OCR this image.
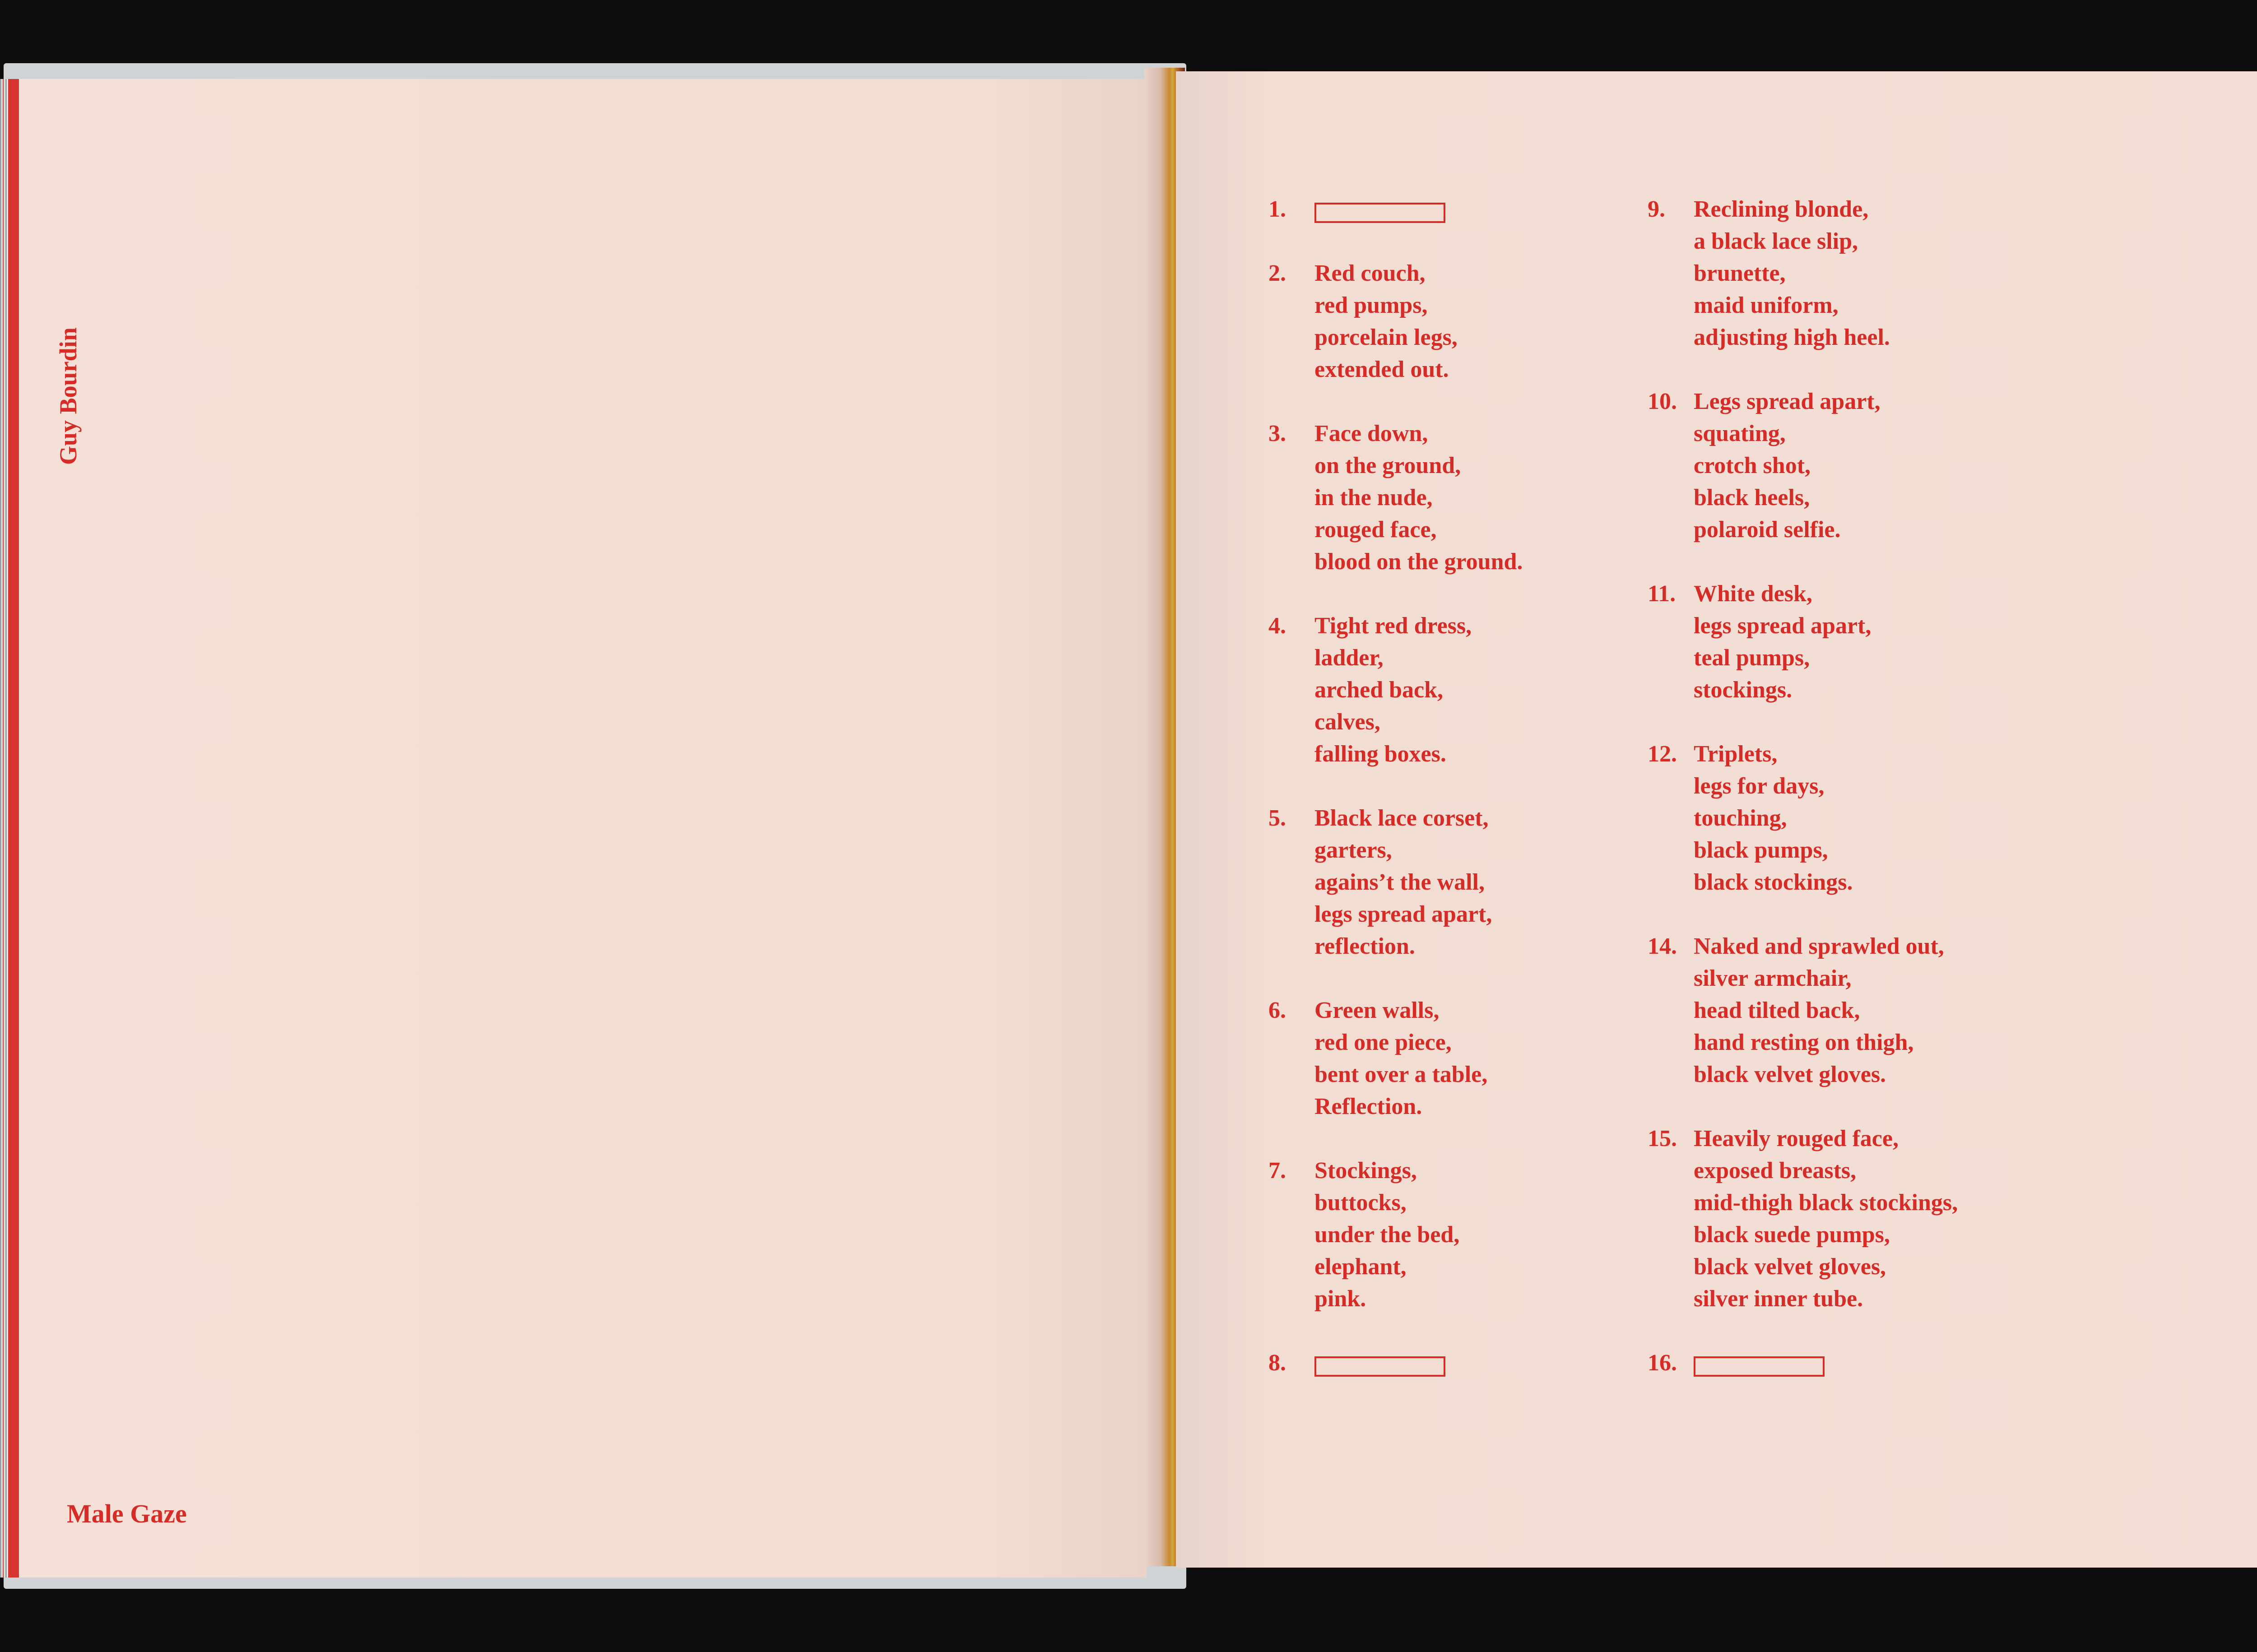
Guy Bourdin

Male Gaze

1.
2.	Red couch,
red pumps,
porcelain legs,
extended out.
3.	Face down,
on the ground,
in the nude,
rouged face,
blood on the ground.
4.	Tight red dress,
ladder,
arched back,
calves,
falling boxes.
5.	Black lace corset,
garters,
agains’t the wall,
legs spread apart,
reflection.
6.	Green walls,
red one piece,
bent over a table,
Reflection.
7.	Stockings,
buttocks,
under the bed,
elephant,
pink.
8.
9.	Reclining blonde,
a black lace slip,
brunette,
maid uniform,
adjusting high heel.
10. Legs spread apart,
squating,
crotch shot,
black heels,
polaroid selfie.
11. White desk,
legs spread apart,
teal pumps,
stockings.
12. Triplets,
legs for days,
touching,
black pumps,
black stockings.
14. Naked and sprawled out,
silver armchair,
head tilted back,
hand resting on thigh,
black velvet gloves.
15. Heavily rouged face,
exposed breasts,
mid-thigh black stockings,
black suede pumps,
black velvet gloves,
silver inner tube.
16.
